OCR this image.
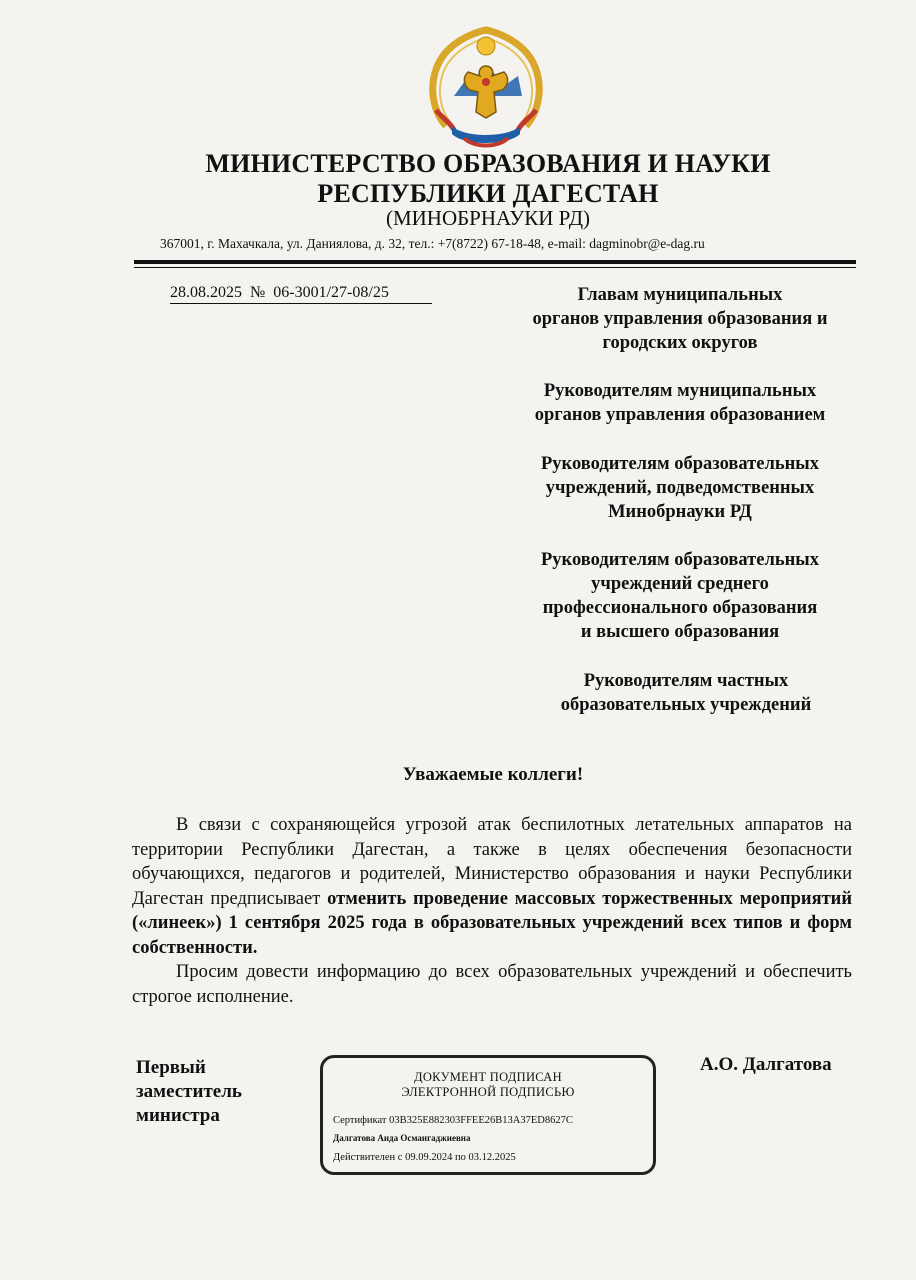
МИНИСТЕРСТВО ОБРАЗОВАНИЯ И НАУКИ
РЕСПУБЛИКИ ДАГЕСТАН
(МИНОБРНАУКИ РД)
367001, г. Махачкала, ул. Даниялова, д. 32, тел.: +7(8722) 67-18-48, e-mail: dagminobr@e-dag.ru
28.08.2025 № 06-3001/27-08/25	Главам муниципальных
органов управления образования и
городских округов
Руководителям муниципальных
органов управления образованием
Руководителям образовательных
учреждений, подведомственных
Минобрнауки РД
Руководителям образовательных
учреждений среднего
профессионального образования
и высшего образования
Руководителям частных
образовательных учреждений
Уважаемые коллеги!

В связи с сохраняющейся угрозой атак беспилотных летательных аппаратов на территории Республики Дагестан, а также в целях обеспечения безопасности обучающихся, педагогов и родителей, Министерство образования и науки Республики Дагестан предписывает отменить проведение массовых торжественных мероприятий («линеек») 1 сентября 2025 года в образовательных учреждений всех типов и форм собственности.

Просим довести информацию до всех образовательных учреждений и обеспечить строгое исполнение.

Первый
заместитель
министра
ДОКУМЕНТ ПОДПИСАН
ЭЛЕКТРОННОЙ ПОДПИСЬЮ
Сертификат 03B325E882303FFEE26B13A37ED8627C
Далгатова Аида Османгаджиевна
Действителен с 09.09.2024 по 03.12.2025
А.О. Далгатова
